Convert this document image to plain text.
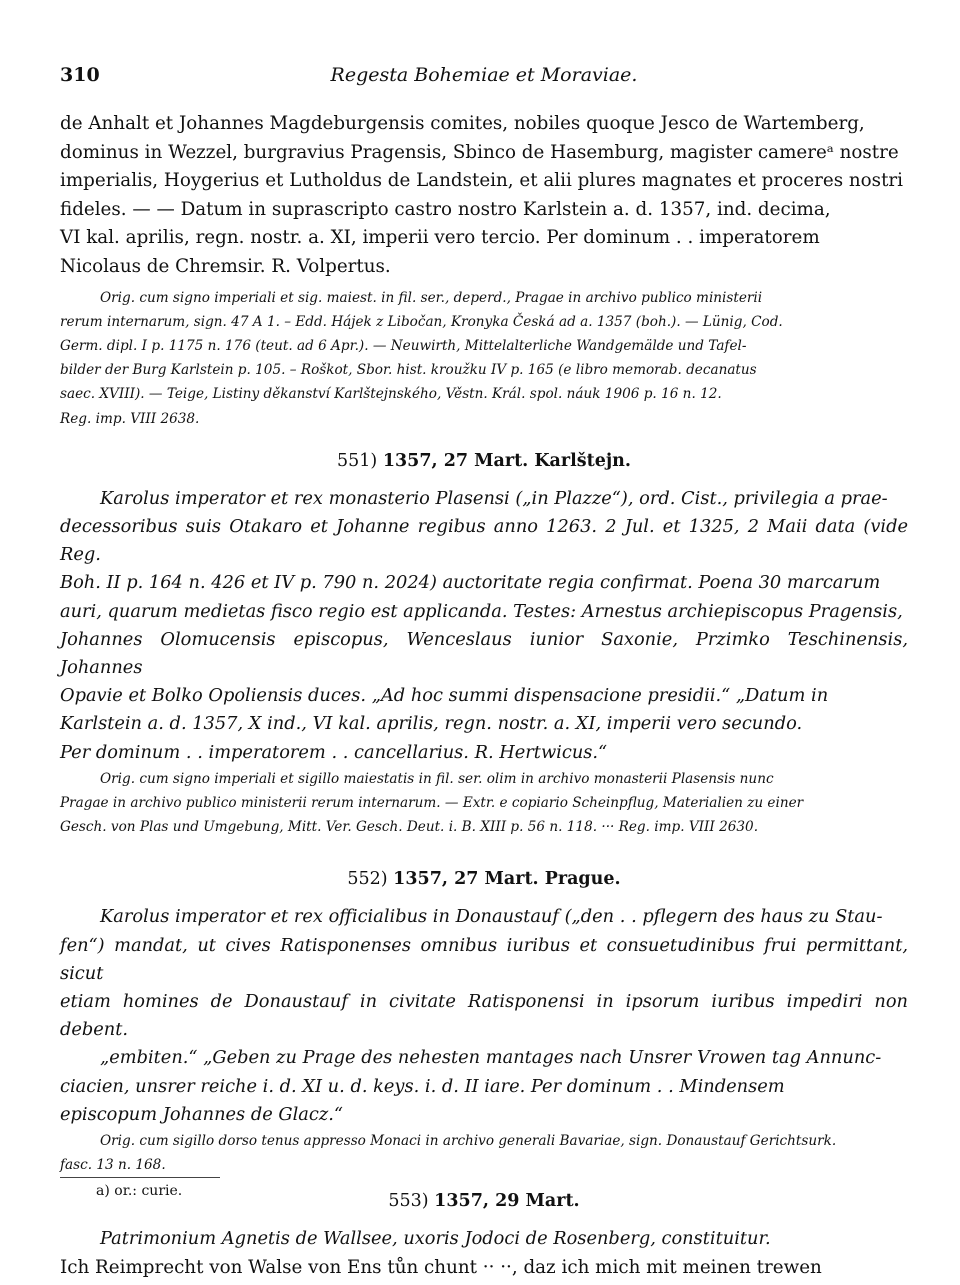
310	Regesta Bohemiae et Moraviae.
de Anhalt et Johannes Magdeburgensis comites, nobiles quoque Jesco de Wartemberg,
dominus in Wezzel, burgravius Pragensis, Sbinco de Hasemburg, magister camereᵃ nostre
imperialis, Hoygerius et Lutholdus de Landstein, et alii plures magnates et proceres nostri
fideles. — — Datum in suprascripto castro nostro Karlstein a. d. 1357, ind. decima,
VI kal. aprilis, regn. nostr. a. XI, imperii vero tercio. Per dominum . . imperatorem
Nicolaus de Chremsir. R. Volpertus.
Orig. cum signo imperiali et sig. maiest. in fil. ser., deperd., Pragae in archivo publico ministerii
rerum internarum, sign. 47 A 1. – Edd. Hájek z Libočan, Kronyka Česká ad a. 1357 (boh.). — Lünig, Cod.
Germ. dipl. I p. 1175 n. 176 (teut. ad 6 Apr.). — Neuwirth, Mittelalterliche Wandgemälde und Tafel-
bilder der Burg Karlstein p. 105. – Roškot, Sbor. hist. kroužku IV p. 165 (e libro memorab. decanatus
saec. XVIII). — Teige, Listiny děkanství Karlštejnského, Věstn. Král. spol. náuk 1906 p. 16 n. 12.
Reg. imp. VIII 2638.
551) 1357, 27 Mart. Karlštejn.
Karolus imperator et rex monasterio Plasensi („in Plazze“), ord. Cist., privilegia a prae-
decessoribus suis Otakaro et Johanne regibus anno 1263. 2 Jul. et 1325, 2 Maii data (vide Reg.
Boh. II p. 164 n. 426 et IV p. 790 n. 2024) auctoritate regia confirmat. Poena 30 marcarum
auri, quarum medietas fisco regio est applicanda. Testes: Arnestus archiepiscopus Pragensis,
Johannes Olomucensis episcopus, Wenceslaus iunior Saxonie, Przimko Teschinensis, Johannes
Opavie et Bolko Opoliensis duces. „Ad hoc summi dispensacione presidii.“ „Datum in
Karlstein a. d. 1357, X ind., VI kal. aprilis, regn. nostr. a. XI, imperii vero secundo.
Per dominum . . imperatorem . . cancellarius. R. Hertwicus.“
Orig. cum signo imperiali et sigillo maiestatis in fil. ser. olim in archivo monasterii Plasensis nunc
Pragae in archivo publico ministerii rerum internarum. — Extr. e copiario Scheinpflug, Materialien zu einer
Gesch. von Plas und Umgebung, Mitt. Ver. Gesch. Deut. i. B. XIII p. 56 n. 118. ··· Reg. imp. VIII 2630.
552) 1357, 27 Mart. Prague.
Karolus imperator et rex officialibus in Donaustauf („den . . pflegern des haus zu Stau-
fen“) mandat, ut cives Ratisponenses omnibus iuribus et consuetudinibus frui permittant, sicut
etiam homines de Donaustauf in civitate Ratisponensi in ipsorum iuribus impediri non debent.
„embiten.“ „Geben zu Prage des nehesten mantages nach Unsrer Vrowen tag Annunc-
ciacien, unsrer reiche i. d. XI u. d. keys. i. d. II iare. Per dominum . . Mindensem
episcopum Johannes de Glacz.“
Orig. cum sigillo dorso tenus appresso Monaci in archivo generali Bavariae, sign. Donaustauf Gerichtsurk.
fasc. 13 n. 168.
553) 1357, 29 Mart.
Patrimonium Agnetis de Wallsee, uxoris Jodoci de Rosenberg, constituitur.
Ich Reimprecht von Walse von Ens tůn chunt ·· ··, daz ich mich mit meinen trewen
a) or.: curie.
